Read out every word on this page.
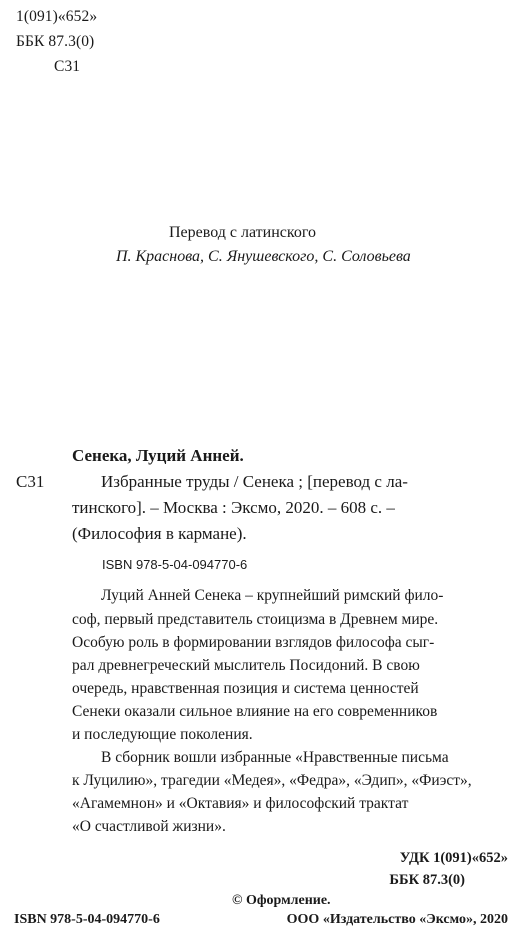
1(091)«652»
ББК 87.3(0)
С31
Перевод с латинского
П. Краснова, С. Янушевского, С. Соловьева
Сенека, Луций Анней.
С31	Избранные труды / Сенека ; [перевод с ла-
тинского]. – Москва : Эксмо, 2020. – 608 с. –
(Философия в кармане).
ISBN 978-5-04-094770-6
Луций Анней Сенека – крупнейший римский фило-
соф, первый представитель стоицизма в Древнем мире.
Особую роль в формировании взглядов философа сыг-
рал древнегреческий мыслитель Посидоний. В свою
очередь, нравственная позиция и система ценностей
Сенеки оказали сильное влияние на его современников
и последующие поколения.
В сборник вошли избранные «Нравственные письма
к Луцилию», трагедии «Медея», «Федра», «Эдип», «Фиэст»,
«Агамемнон» и «Октавия» и философский трактат
«О счастливой жизни».
УДК 1(091)«652»
ББК 87.3(0)
© Оформление.
ISBN 978-5-04-094770-6	ООО «Издательство «Эксмо», 2020
